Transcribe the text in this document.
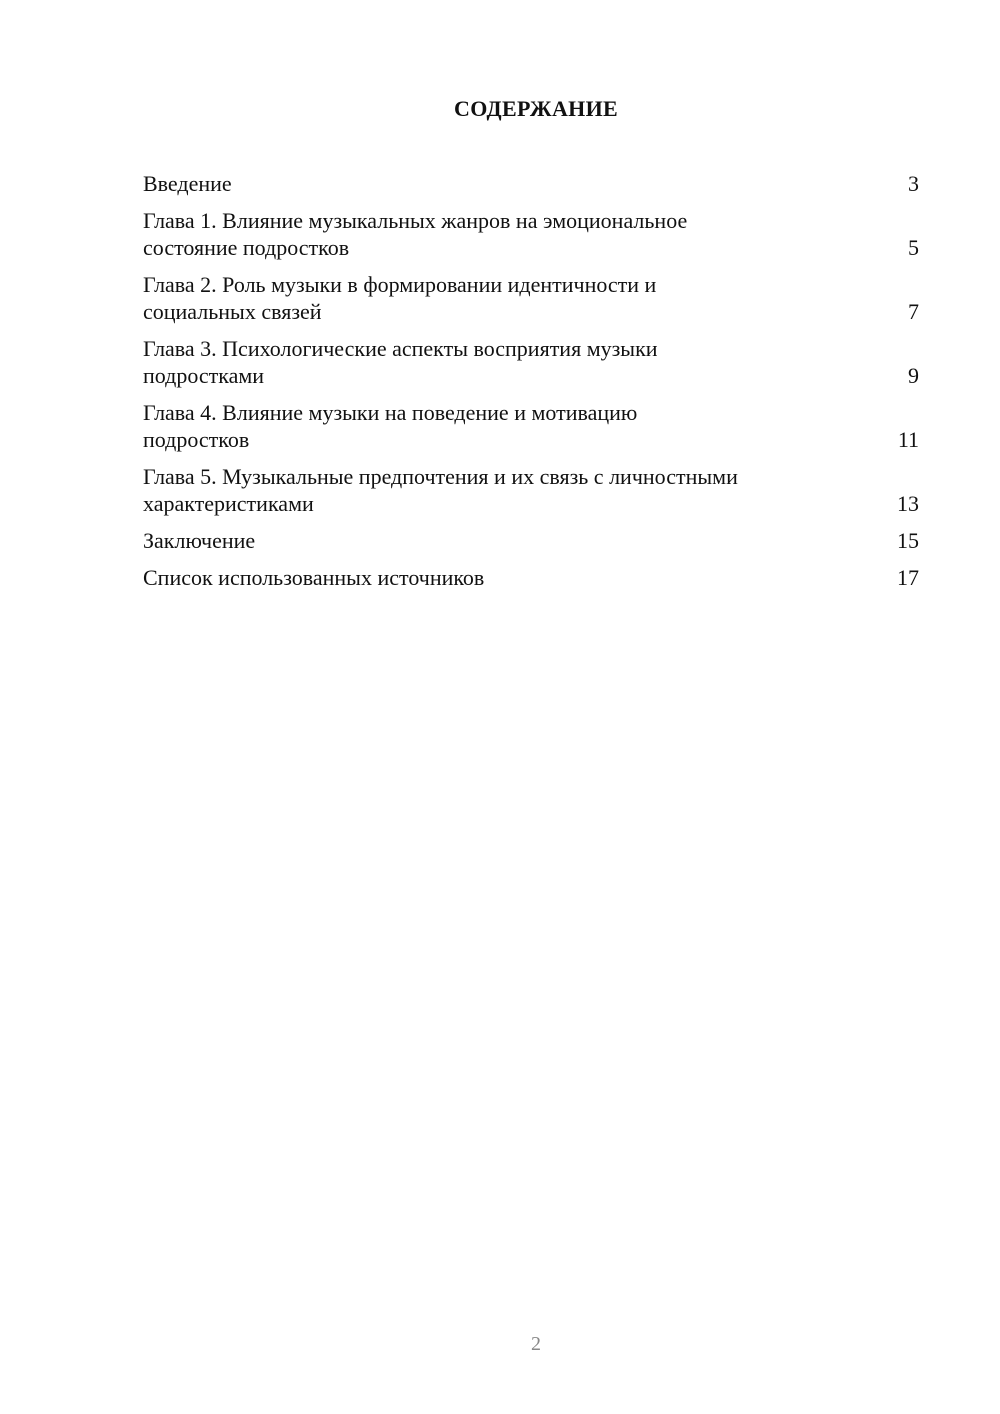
СОДЕРЖАНИЕ
Введение	3
Глава 1. Влияние музыкальных жанров на эмоциональное
состояние подростков	5
Глава 2. Роль музыки в формировании идентичности и
социальных связей	7
Глава 3. Психологические аспекты восприятия музыки
подростками	9
Глава 4. Влияние музыки на поведение и мотивацию
подростков	11
Глава 5. Музыкальные предпочтения и их связь с личностными
характеристиками	13
Заключение	15
Список использованных источников	17
2
